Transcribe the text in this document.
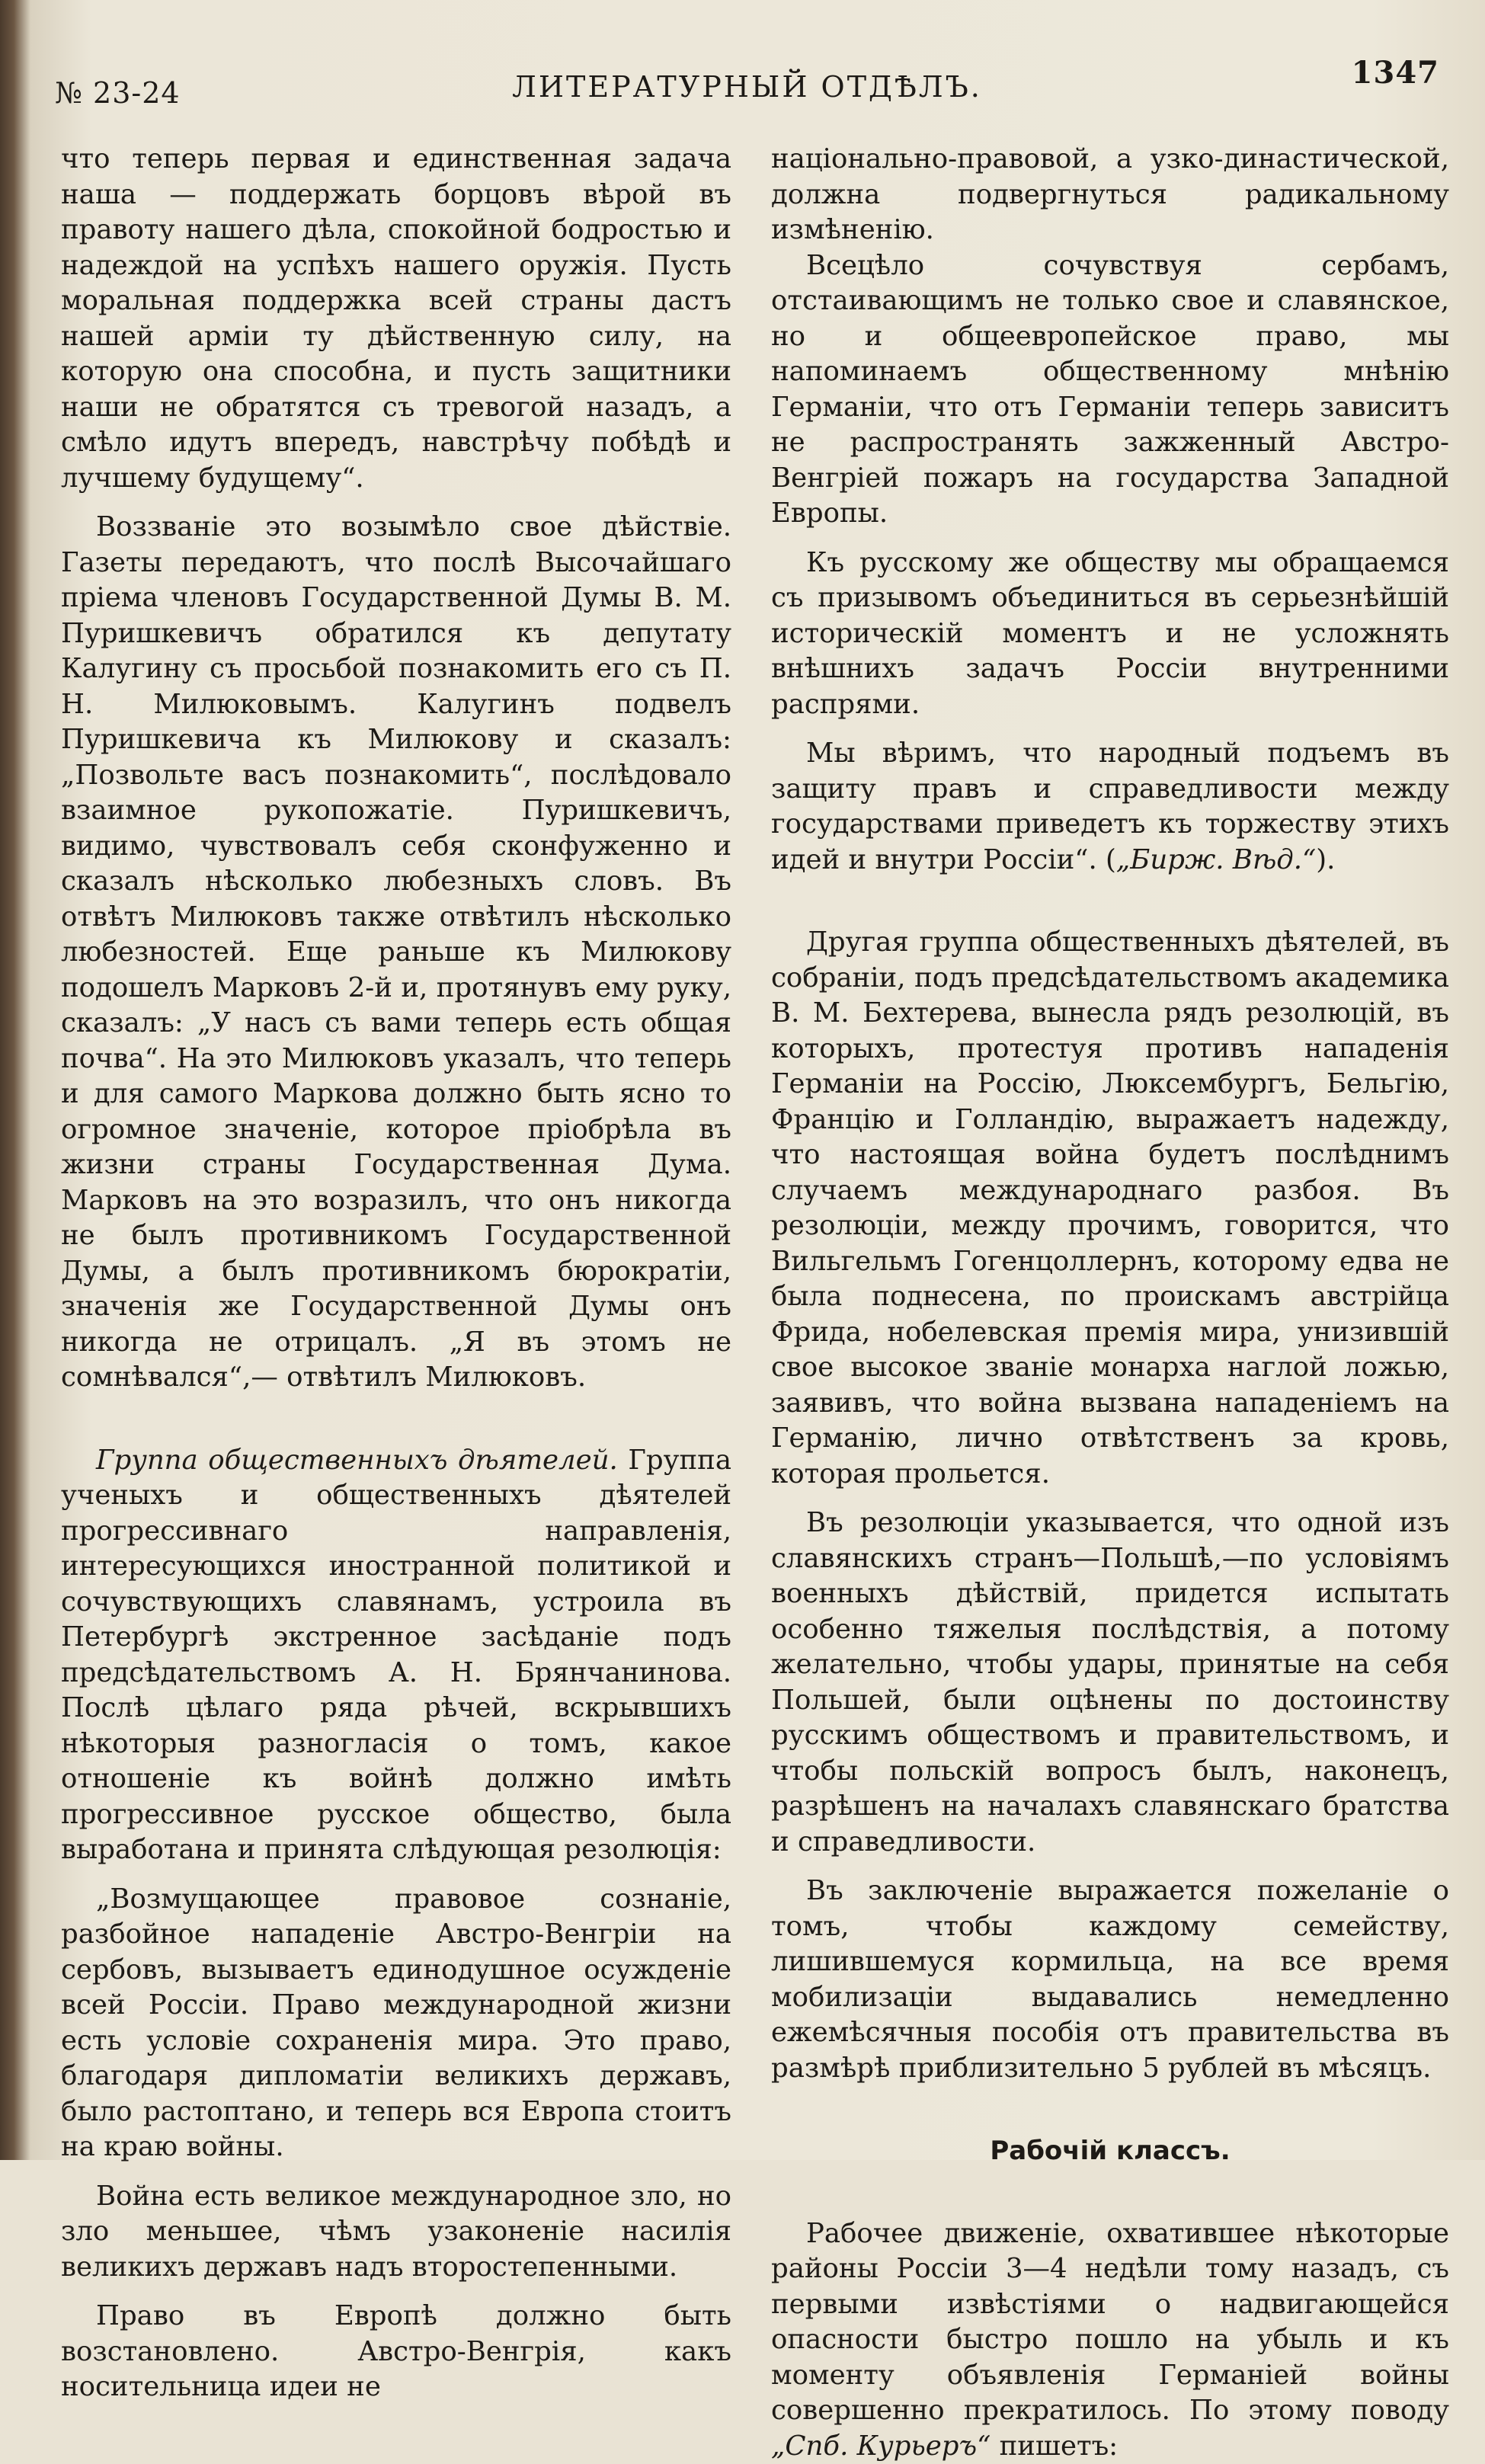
№ 23-24	ЛИТЕРАТУРНЫЙ ОТДѢЛЪ.	1347

что теперь первая и единственная задача наша — поддержать борцовъ вѣрой въ правоту нашего дѣла, спокойной бодростью и надеждой на успѣхъ нашего оружія. Пусть моральная поддержка всей страны дастъ нашей арміи ту дѣйственную силу, на которую она способна, и пусть защитники наши не обратятся съ тревогой назадъ, а смѣло идутъ впередъ, навстрѣчу побѣдѣ и лучшему будущему“.

Воззваніе это возымѣло свое дѣйствіе. Газеты передаютъ, что послѣ Высочайшаго пріема членовъ Государственной Думы В. М. Пуришкевичъ обратился къ депутату Калугину съ просьбой познакомить его съ П. Н. Милюковымъ. Калугинъ подвелъ Пуришкевича къ Милюкову и сказалъ: „Позвольте васъ познакомить“, послѣдовало взаимное рукопожатіе. Пуришкевичъ, видимо, чувствовалъ себя сконфуженно и сказалъ нѣсколько любезныхъ словъ. Въ отвѣтъ Милюковъ также отвѣтилъ нѣсколько любезностей. Еще раньше къ Милюкову подошелъ Марковъ 2-й и, протянувъ ему руку, сказалъ: „У насъ съ вами теперь есть общая почва“. На это Милюковъ указалъ, что теперь и для самого Маркова должно быть ясно то огромное значеніе, которое пріобрѣла въ жизни страны Государственная Дума. Марковъ на это возразилъ, что онъ никогда не былъ противникомъ Государственной Думы, а былъ противникомъ бюрократіи, значенія же Государственной Думы онъ никогда не отрицалъ. „Я въ этомъ не сомнѣвался“,— отвѣтилъ Милюковъ.

Группа общественныхъ дѣятелей. Группа ученыхъ и общественныхъ дѣятелей прогрессивнаго направленія, интересующихся иностранной политикой и сочувствующихъ славянамъ, устроила въ Петербургѣ экстренное засѣданіе подъ предсѣдательствомъ А. Н. Брянчанинова. Послѣ цѣлаго ряда рѣчей, вскрывшихъ нѣкоторыя разногласія о томъ, какое отношеніе къ войнѣ должно имѣть прогрессивное русское общество, была выработана и принята слѣдующая резолюція:

„Возмущающее правовое сознаніе, разбойное нападеніе Австро-Венгріи на сербовъ, вызываетъ единодушное осужденіе всей Россіи. Право международной жизни есть условіе сохраненія мира. Это право, благодаря дипломатіи великихъ державъ, было растоптано, и теперь вся Европа стоитъ на краю войны.

Война есть великое международное зло, но зло меньшее, чѣмъ узаконеніе насилія великихъ державъ надъ второстепенными.

Право въ Европѣ должно быть возстановлено. Австро-Венгрія, какъ носительница идеи не

національно-правовой, а узко-династической, должна подвергнуться радикальному измѣненію.

Всецѣло сочувствуя сербамъ, отстаивающимъ не только свое и славянское, но и общеевропейское право, мы напоминаемъ общественному мнѣнію Германіи, что отъ Германіи теперь зависитъ не распространять зажженный Австро-Венгріей пожаръ на государства Западной Европы.

Къ русскому же обществу мы обращаемся съ призывомъ объединиться въ серьезнѣйшій историческій моментъ и не усложнять внѣшнихъ задачъ Россіи внутренними распрями.

Мы вѣримъ, что народный подъемъ въ защиту правъ и справедливости между государствами приведетъ къ торжеству этихъ идей и внутри Россіи“. („Бирж. Вѣд.“).

Другая группа общественныхъ дѣятелей, въ собраніи, подъ предсѣдательствомъ академика В. М. Бехтерева, вынесла рядъ резолюцій, въ которыхъ, протестуя противъ нападенія Германіи на Россію, Люксембургъ, Бельгію, Францію и Голландію, выражаетъ надежду, что настоящая война будетъ послѣднимъ случаемъ международнаго разбоя. Въ резолюціи, между прочимъ, говорится, что Вильгельмъ Гогенцоллернъ, которому едва не была поднесена, по проискамъ австрійца Фрида, нобелевская премія мира, унизившій свое высокое званіе монарха наглой ложью, заявивъ, что война вызвана нападеніемъ на Германію, лично отвѣтственъ за кровь, которая прольется.

Въ резолюціи указывается, что одной изъ славянскихъ странъ—Польшѣ,—по условіямъ военныхъ дѣйствій, придется испытать особенно тяжелыя послѣдствія, а потому желательно, чтобы удары, принятые на себя Польшей, были оцѣнены по достоинству русскимъ обществомъ и правительствомъ, и чтобы польскій вопросъ былъ, наконецъ, разрѣшенъ на началахъ славянскаго братства и справедливости.

Въ заключеніе выражается пожеланіе о томъ, чтобы каждому семейству, лишившемуся кормильца, на все время мобилизаціи выдавались немедленно ежемѣсячныя пособія отъ правительства въ размѣрѣ приблизительно 5 рублей въ мѣсяцъ.

Рабочій классъ.

Рабочее движеніе, охватившее нѣкоторые районы Россіи 3—4 недѣли тому назадъ, съ первыми извѣстіями о надвигающейся опасности быстро пошло на убыль и къ моменту объявленія Германіей войны совершенно прекратилось. По этому поводу „Спб. Курьеръ“ пишетъ:
